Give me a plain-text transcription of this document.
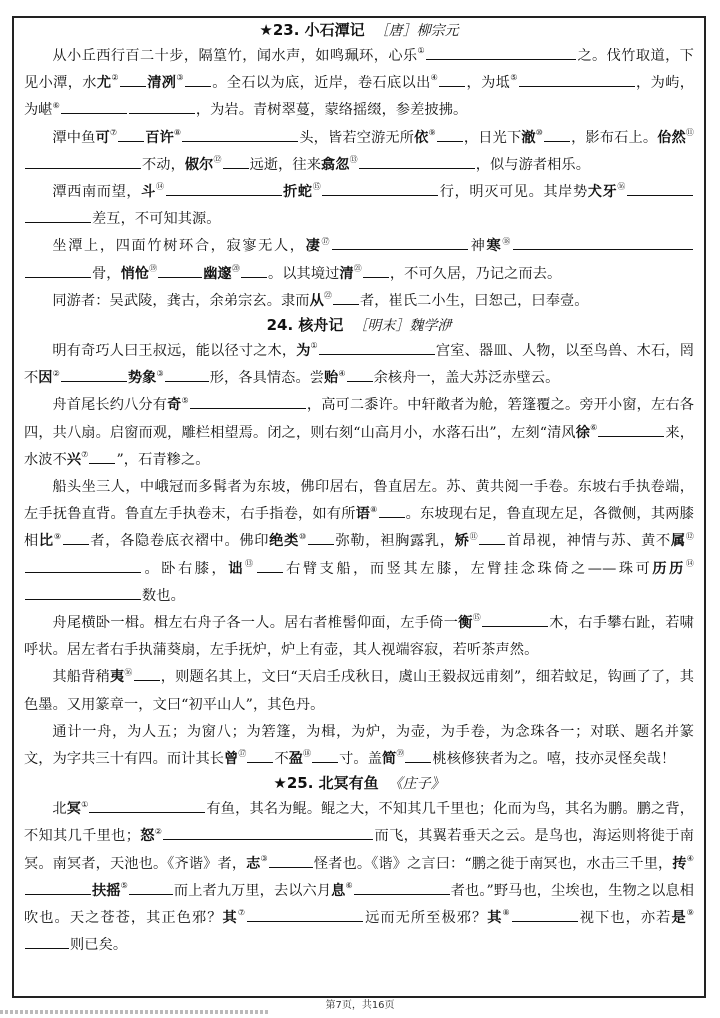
★23. 小石潭记 ［唐］柳宗元

从小丘西行百二十步，隔篁竹，闻水声，如鸣珮环，心乐①	之。伐竹取道，下见小潭，水尤② 清冽③ 。全石以为底，近岸，卷石底以出④ ，为坻⑤	，为屿，为嵁⑥	，为岩。青树翠蔓，蒙络摇缀，参差披拂。

潭中鱼可⑦ 百许⑧	头，皆若空游无所依⑨ ，日光下澈⑩ ，影布石上。佁然⑪不动，俶尔⑫ 远逝，往来翕忽⑬	，似与游者相乐。

潭西南而望，斗⑭	折蛇⑮	行，明灭可见。其岸势犬牙⑯差互，不可知其源。

坐潭上，四面竹树环合，寂寥无人，凄⑰	神寒⑱骨，悄怆⑲	幽邃⑳ 。以其境过清$^㉑$ ，不可久居，乃记之而去。

同游者：吴武陵，龚古，余弟宗玄。隶而从$^㉒$ 者，崔氏二小生，曰恕己，曰奉壹。

24. 核舟记 ［明末］魏学洢

明有奇巧人曰王叔远，能以径寸之木，为①	宫室、器皿、人物，以至鸟兽、木石，罔不因②	势象③	形，各具情态。尝贻④ 余核舟一，盖大苏泛赤壁云。

舟首尾长约八分有奇⑤	，高可二黍许。中轩敞者为舱，箬篷覆之。旁开小窗，左右各四，共八扇。启窗而观，雕栏相望焉。闭之，则右刻“山高月小，水落石出”，左刻“清风徐⑥	来，水波不兴⑦ ”，石青糁之。

船头坐三人，中峨冠而多髯者为东坡，佛印居右，鲁直居左。苏、黄共阅一手卷。东坡右手执卷端，左手抚鲁直背。鲁直左手执卷末，右手指卷，如有所语⑧ 。东坡现右足，鲁直现左足，各微侧，其两膝相比⑨ 者，各隐卷底衣褶中。佛印绝类⑩ 弥勒，袒胸露乳，矫⑪ 首昂视，神情与苏、黄不属⑫。卧右膝，诎⑬ 右臂支船，而竖其左膝，左臂挂念珠倚之——珠可历历⑭数也。

舟尾横卧一楫。楫左右舟子各一人。居右者椎髻仰面，左手倚一衡⑮	木，右手攀右趾，若啸呼状。居左者右手执蒲葵扇，左手抚炉，炉上有壶，其人视端容寂，若听茶声然。

其船背稍夷⑯ ，则题名其上，文曰“天启壬戌秋日，虞山王毅叔远甫刻”，细若蚊足，钩画了了，其色墨。又用篆章一，文曰“初平山人”，其色丹。

通计一舟，为人五；为窗八；为箬篷，为楫，为炉，为壶，为手卷，为念珠各一；对联、题名并篆文，为字共三十有四。而计其长曾⑰ 不盈⑱ 寸。盖简⑲ 桃核修狭者为之。嘻，技亦灵怪矣哉！

★25. 北冥有鱼 《庄子》

北冥①	有鱼，其名为鲲。鲲之大，不知其几千里也；化而为鸟，其名为鹏。鹏之背，不知其几千里也；怒②	而飞，其翼若垂天之云。是鸟也，海运则将徙于南冥。南冥者，天池也。《齐谐》者，志③	怪者也。《谐》之言曰：“鹏之徙于南冥也，水击三千里，抟④扶摇⑤	而上者九万里，去以六月息⑥	者也。”野马也，尘埃也，生物之以息相吹也。天之苍苍，其正色邪？其⑦	远而无所至极邪？其⑧	视下也，亦若是⑨则已矣。

第7页，共16页
